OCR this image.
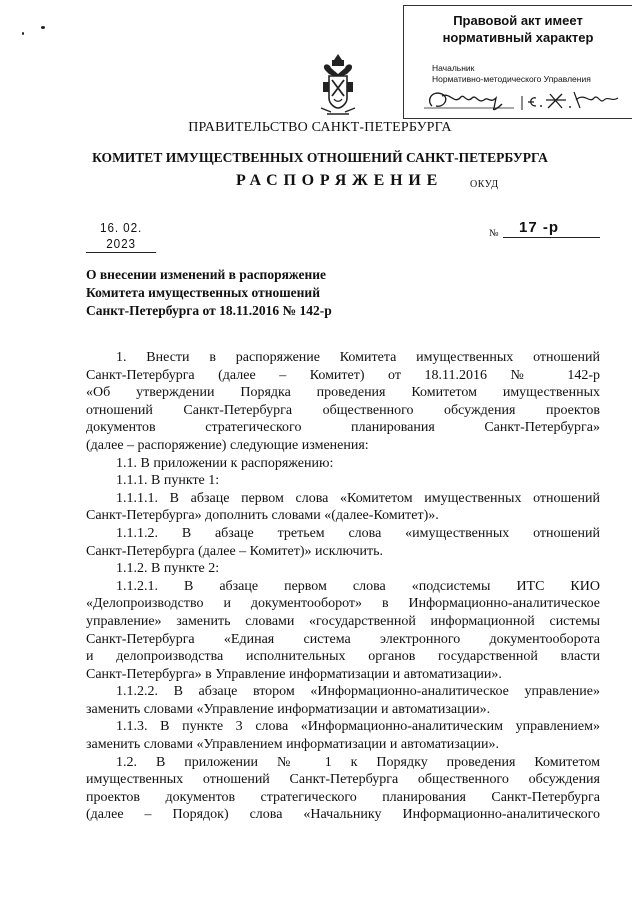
Правовой акт имеет
нормативный характер
Начальник
Нормативно-методического Управления
ПРАВИТЕЛЬСТВО САНКТ-ПЕТЕРБУРГА
КОМИТЕТ ИМУЩЕСТВЕННЫХ ОТНОШЕНИЙ САНКТ-ПЕТЕРБУРГА
РАСПОРЯЖЕНИЕ	ОКУД
16. 02. 2023
№	17 -р
О внесении изменений в распоряжение
Комитета имущественных отношений
Санкт-Петербурга от 18.11.2016 № 142-р
1. Внести в распоряжение Комитета имущественных отношений
Санкт-Петербурга (далее – Комитет) от 18.11.2016 № 142-р
«Об утверждении Порядка проведения Комитетом имущественных
отношений Санкт-Петербурга общественного обсуждения проектов
документов стратегического планирования Санкт-Петербурга»
(далее – распоряжение) следующие изменения:
1.1. В приложении к распоряжению:
1.1.1. В пункте 1:
1.1.1.1. В абзаце первом слова «Комитетом имущественных отношений
Санкт-Петербурга» дополнить словами «(далее-Комитет)».
1.1.1.2. В абзаце третьем слова «имущественных отношений
Санкт-Петербурга (далее – Комитет)» исключить.
1.1.2. В пункте 2:
1.1.2.1. В абзаце первом слова «подсистемы ИТС КИО
«Делопроизводство и документооборот» в Информационно-аналитическое
управление» заменить словами «государственной информационной системы
Санкт-Петербурга «Единая система электронного документооборота
и делопроизводства исполнительных органов государственной власти
Санкт-Петербурга» в Управление информатизации и автоматизации».
1.1.2.2. В абзаце втором «Информационно-аналитическое управление»
заменить словами «Управление информатизации и автоматизации».
1.1.3. В пункте 3 слова «Информационно-аналитическим управлением»
заменить словами «Управлением информатизации и автоматизации».
1.2. В приложении № 1 к Порядку проведения Комитетом
имущественных отношений Санкт-Петербурга общественного обсуждения
проектов документов стратегического планирования Санкт-Петербурга
(далее – Порядок) слова «Начальнику Информационно-аналитического
